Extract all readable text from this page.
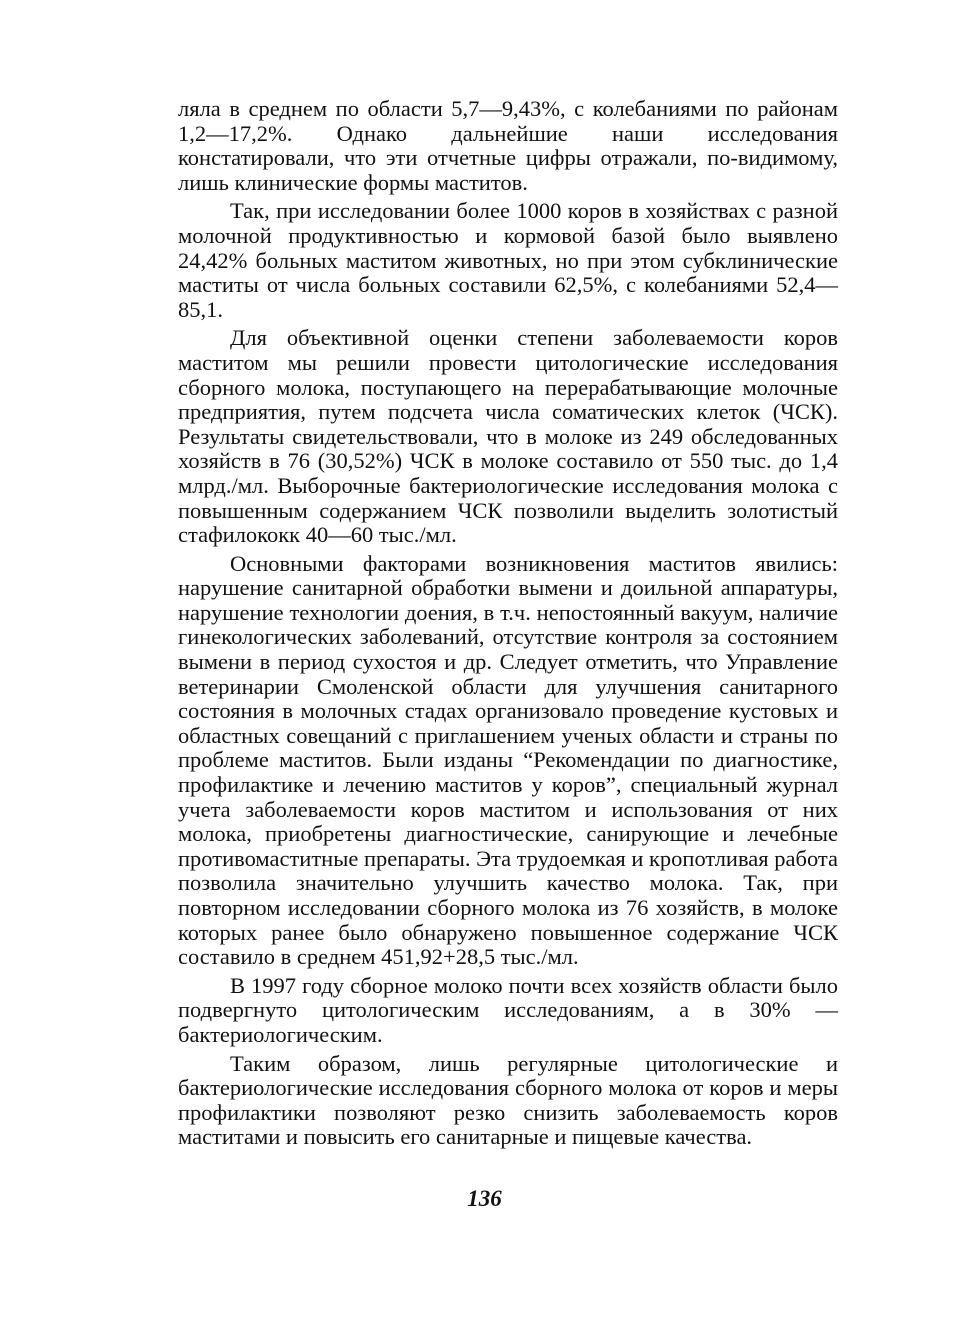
ляла в среднем по области 5,7—9,43%, с колебаниями по районам 1,2—17,2%. Однако дальнейшие наши исследования констатировали, что эти отчетные цифры отражали, по-видимому, лишь клинические формы маститов.

Так, при исследовании более 1000 коров в хозяйствах с разной молочной продуктивностью и кормовой базой было выявлено 24,42% больных маститом животных, но при этом субклинические маститы от числа больных составили 62,5%, с колебаниями 52,4—85,1.

Для объективной оценки степени заболеваемости коров маститом мы решили провести цитологические исследования сборного молока, поступающего на перерабатывающие молочные предприятия, путем подсчета числа соматических клеток (ЧСК). Результаты свидетельствовали, что в молоке из 249 обследованных хозяйств в 76 (30,52%) ЧСК в молоке составило от 550 тыс. до 1,4 млрд./мл. Выборочные бактериологические исследования молока с повышенным содержанием ЧСК позволили выделить золотистый стафилококк 40—60 тыс./мл.

Основными факторами возникновения маститов явились: нарушение санитарной обработки вымени и доильной аппаратуры, нарушение технологии доения, в т.ч. непостоянный вакуум, наличие гинекологических заболеваний, отсутствие контроля за состоянием вымени в период сухостоя и др. Следует отметить, что Управление ветеринарии Смоленской области для улучшения санитарного состояния в молочных стадах организовало проведение кустовых и областных совещаний с приглашением ученых области и страны по проблеме маститов. Были изданы “Рекомендации по диагностике, профилактике и лечению маститов у коров”, специальный журнал учета заболеваемости коров маститом и использования от них молока, приобретены диагностические, санирующие и лечебные противомаститные препараты. Эта трудоемкая и кропотливая работа позволила значительно улучшить качество молока. Так, при повторном исследовании сборного молока из 76 хозяйств, в молоке которых ранее было обнаружено повышенное содержание ЧСК составило в среднем 451,92+28,5 тыс./мл.

В 1997 году сборное молоко почти всех хозяйств области было подвергнуто цитологическим исследованиям, а в 30% — бактериологическим.

Таким образом, лишь регулярные цитологические и бактериологические исследования сборного молока от коров и меры профилактики позволяют резко снизить заболеваемость коров маститами и повысить его санитарные и пищевые качества.

136
